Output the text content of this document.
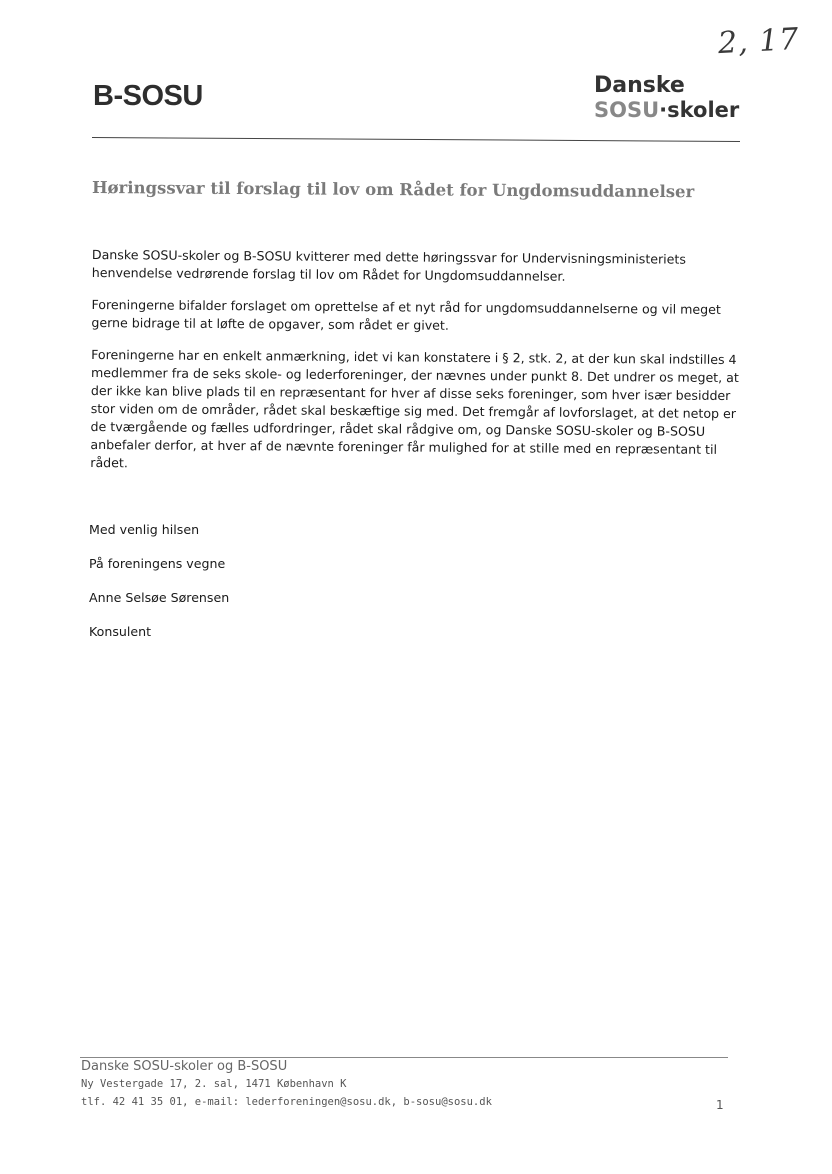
2, 17
B-SOSU	Danske
SOSU·skoler
Høringssvar til forslag til lov om Rådet for Ungdomsuddannelser

Danske SOSU-skoler og B-SOSU kvitterer med dette høringssvar for Undervisningsministeriets henvendelse vedrørende forslag til lov om Rådet for Ungdomsuddannelser.

Foreningerne bifalder forslaget om oprettelse af et nyt råd for ungdomsuddannelserne og vil meget gerne bidrage til at løfte de opgaver, som rådet er givet.

Foreningerne har en enkelt anmærkning, idet vi kan konstatere i § 2, stk. 2, at der kun skal indstilles 4 medlemmer fra de seks skole- og lederforeninger, der nævnes under punkt 8. Det undrer os meget, at der ikke kan blive plads til en repræsentant for hver af disse seks foreninger, som hver især besidder stor viden om de områder, rådet skal beskæftige sig med. Det fremgår af lovforslaget, at det netop er de tværgående og fælles udfordringer, rådet skal rådgive om, og Danske SOSU-skoler og B-SOSU anbefaler derfor, at hver af de nævnte foreninger får mulighed for at stille med en repræsentant til rådet.

Med venlig hilsen
På foreningens vegne
Anne Selsøe Sørensen
Konsulent
Danske SOSU-skoler og B-SOSU
Ny Vestergade 17, 2. sal, 1471 København K
tlf. 42 41 35 01, e-mail: lederforeningen@sosu.dk, b-sosu@sosu.dk	1
